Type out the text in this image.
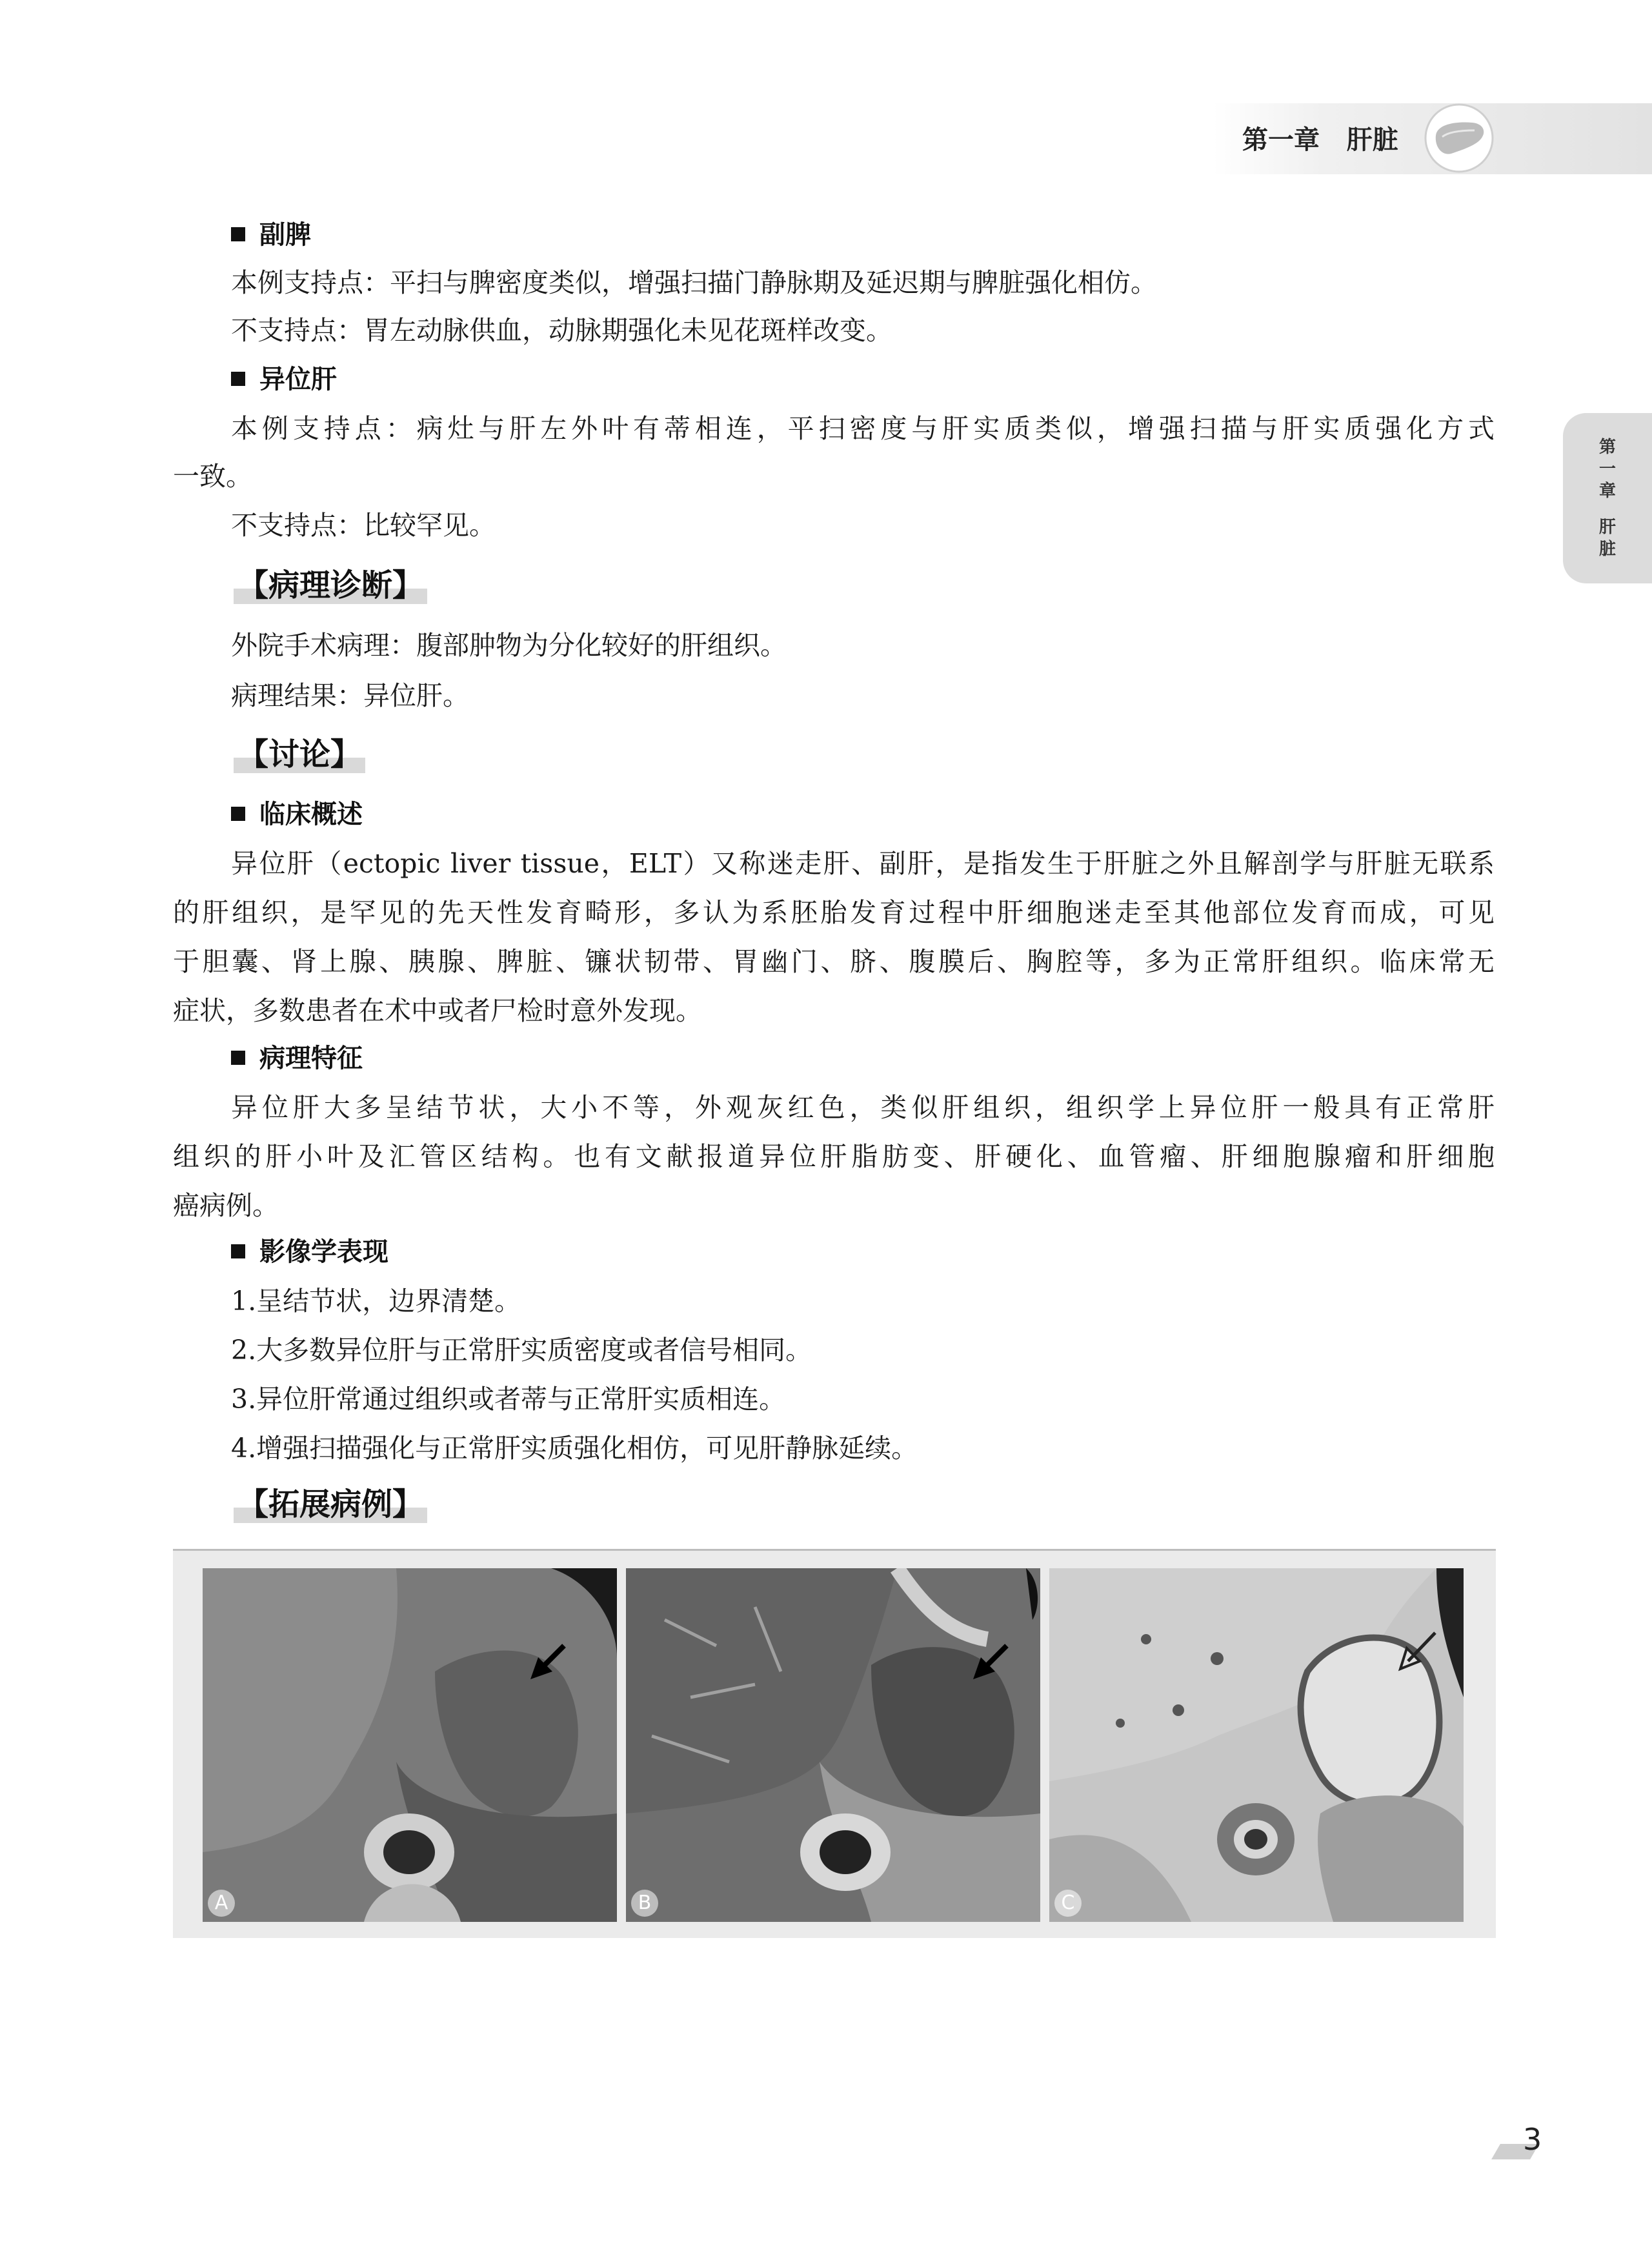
第一章 肝脏
第
一
章
肝
脏
副脾
本例支持点：平扫与脾密度类似，增强扫描门静脉期及延迟期与脾脏强化相仿。
不支持点：胃左动脉供血，动脉期强化未见花斑样改变。
异位肝
本例支持点：病灶与肝左外叶有蒂相连，平扫密度与肝实质类似，增强扫描与肝实质强化方式
一致。
不支持点：比较罕见。
【病理诊断】
外院手术病理：腹部肿物为分化较好的肝组织。
病理结果：异位肝。
【讨论】
临床概述
异位肝（ectopic liver tissue，ELT）又称迷走肝、副肝，是指发生于肝脏之外且解剖学与肝脏无联系
的肝组织，是罕见的先天性发育畸形，多认为系胚胎发育过程中肝细胞迷走至其他部位发育而成，可见
于胆囊、肾上腺、胰腺、脾脏、镰状韧带、胃幽门、脐、腹膜后、胸腔等，多为正常肝组织。临床常无
症状，多数患者在术中或者尸检时意外发现。
病理特征
异位肝大多呈结节状，大小不等，外观灰红色，类似肝组织，组织学上异位肝一般具有正常肝
组织的肝小叶及汇管区结构。也有文献报道异位肝脂肪变、肝硬化、血管瘤、肝细胞腺瘤和肝细胞
癌病例。
影像学表现
1.呈结节状，边界清楚。
2.大多数异位肝与正常肝实质密度或者信号相同。
3.异位肝常通过组织或者蒂与正常肝实质相连。
4.增强扫描强化与正常肝实质强化相仿，可见肝静脉延续。
【拓展病例】
A	B	C
3
